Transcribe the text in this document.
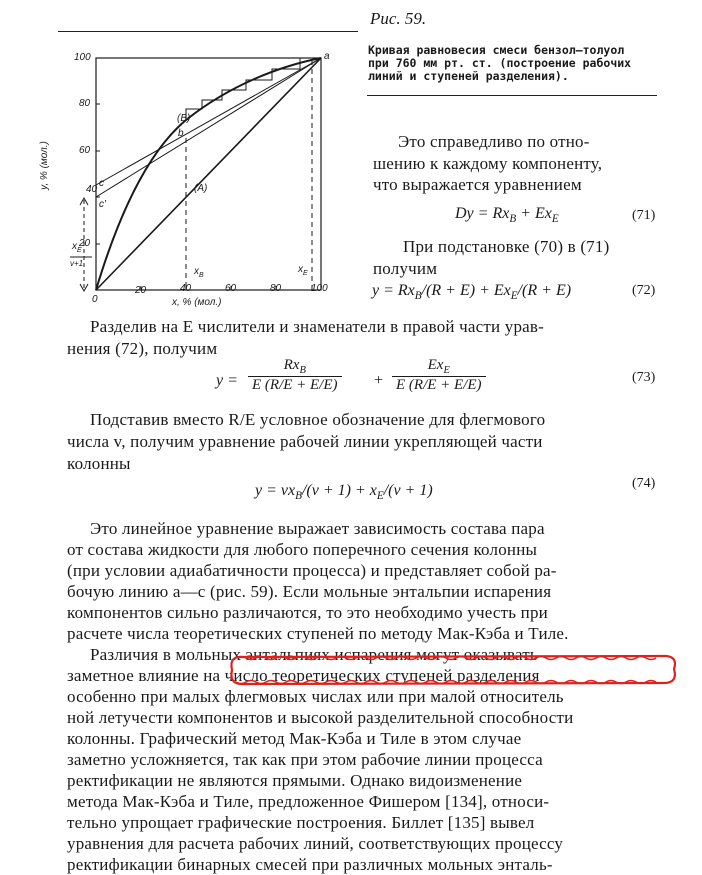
100
80
60
40
20
0
20	40	60	80	100
x, % (мол.)
y, % (мол.)
a
b
(B)
(A)
c
c'
$x_B$
$x_E$
$x_E$
v+1
Рис. 59.
Кривая равновесия смеси бензол—толуол
при 760 мм рт. ст. (построение рабочих
линий и ступеней разделения).
Это справедливо по отно-
шению к каждому компоненту,
что выражается уравнением
$Dy = Rx_B + Ex_E$	(71)
При подстановке (70) в (71)
получим
$y = Rx_B/(R + E) + Ex_E/(R + E)$	(72)
Разделив на E числители и знаменатели в правой части урав-
нения (72), получим
y =
$Rx_B$
E (R/E + E/E) +
$Ex_E$
E (R/E + E/E)	(73)
Подставив вместо R/E условное обозначение для флегмового
числа v, получим уравнение рабочей линии укрепляющей части
колонны
$y = vx_B/(v + 1) + x_E/(v + 1)$	(74)
Это линейное уравнение выражает зависимость состава пара
от состава жидкости для любого поперечного сечения колонны
(при условии адиабатичности процесса) и представляет собой ра-
бочую линию a—c (рис. 59). Если мольные энтальпии испарения
компонентов сильно различаются, то это необходимо учесть при
расчете числа теоретических ступеней по методу Мак-Кэба и Тиле.
Различия в мольных энтальпиях испарения могут оказывать
заметное влияние на число теоретических ступеней разделения
особенно при малых флегмовых числах или при малой относитель
ной летучести компонентов и высокой разделительной способности
колонны. Графический метод Мак-Кэба и Тиле в этом случае
заметно усложняется, так как при этом рабочие линии процесса
ректификации не являются прямыми. Однако видоизменение
метода Мак-Кэба и Тиле, предложенное Фишером [134], относи-
тельно упрощает графические построения. Биллет [135] вывел
уравнения для расчета рабочих линий, соответствующих процессу
ректификации бинарных смесей при различных мольных энталь-
